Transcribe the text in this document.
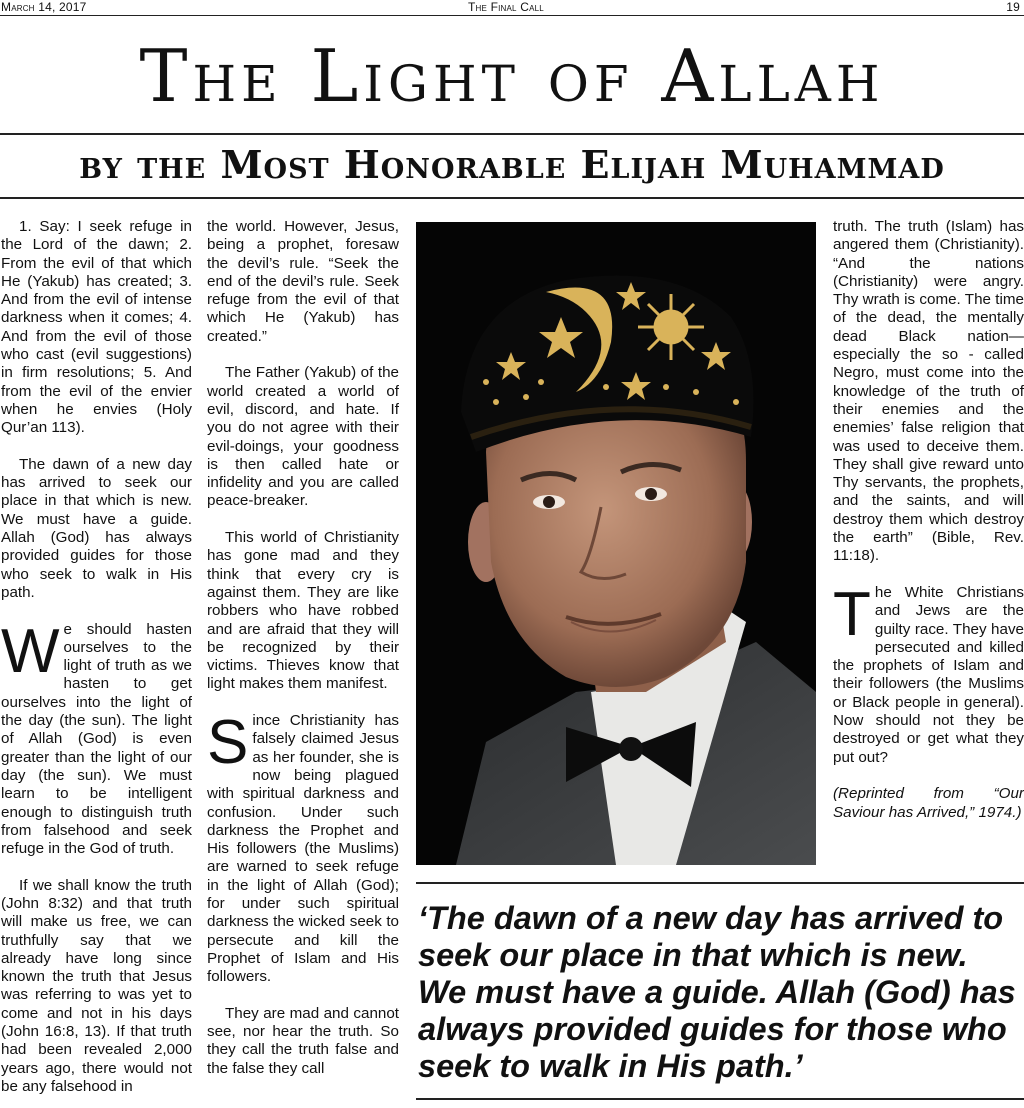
March 14, 2017	The Final Call	19
The Light of Allah
by the Most Honorable Elijah Muhammad

1. Say: I seek refuge in the Lord of the dawn; 2. From the evil of that which He (Yakub) has created; 3. And from the evil of intense darkness when it comes; 4. And from the evil of those who cast (evil suggestions) in firm resolutions; 5. And from the evil of the envier when he envies (Holy Qur’an 113).

The dawn of a new day has arrived to seek our place in that which is new. We must have a guide. Allah (God) has always provided guides for those who seek to walk in His path.

We should hasten ourselves to the light of truth as we hasten to get ourselves into the light of the day (the sun). The light of Allah (God) is even greater than the light of our day (the sun). We must learn to be intelligent enough to distinguish truth from falsehood and seek refuge in the God of truth.

If we shall know the truth (John 8:32) and that truth will make us free, we can truthfully say that we already have long since known the truth that Jesus was referring to was yet to come and not in his days (John 16:8, 13). If that truth had been revealed 2,000 years ago, there would not be any falsehood in

the world. However, Jesus, being a prophet, foresaw the devil’s rule. “Seek the end of the devil’s rule. Seek refuge from the evil of that which He (Yakub) has created.”

The Father (Yakub) of the world created a world of evil, discord, and hate. If you do not agree with their evil-doings, your goodness is then called hate or infidelity and you are called peace-breaker.

This world of Christianity has gone mad and they think that every cry is against them. They are like robbers who have robbed and are afraid that they will be recognized by their victims. Thieves know that light makes them manifest.

Since Christianity has falsely claimed Jesus as her founder, she is now being plagued with spiritual darkness and confusion. Under such darkness the Prophet and His followers (the Muslims) are warned to seek refuge in the light of Allah (God); for under such spiritual darkness the wicked seek to persecute and kill the Prophet of Islam and His followers.

They are mad and cannot see, nor hear the truth. So they call the truth false and the false they call

truth. The truth (Islam) has angered them (Christianity). “And the nations (Christianity) were angry. Thy wrath is come. The time of the dead, the mentally dead Black nation—especially the so - called Negro, must come into the knowledge of the truth of their enemies and the enemies’ false religion that was used to deceive them. They shall give reward unto Thy servants, the prophets, and the saints, and will destroy them which destroy the earth” (Bible, Rev. 11:18).

The White Christians and Jews are the guilty race. They have persecuted and killed the prophets of Islam and their followers (the Muslims or Black people in general). Now should not they be destroyed or get what they put out?

(Reprinted from “Our Saviour has Arrived,” 1974.)

‘The dawn of a new day has arrived to seek our place in that which is new. We must have a guide. Allah (God) has always provided guides for those who seek to walk in His path.’
